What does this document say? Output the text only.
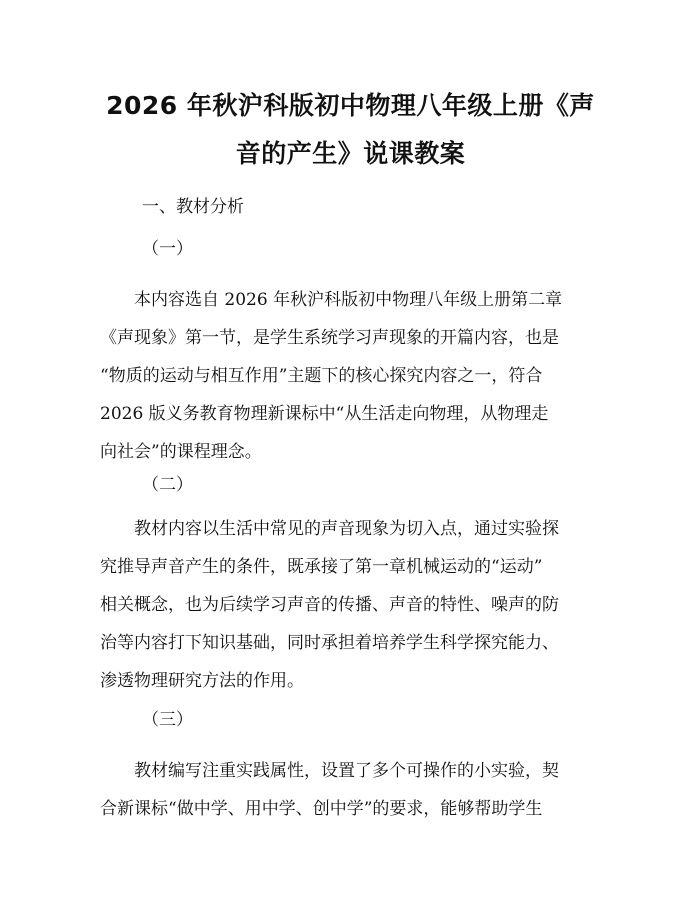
2026 年秋沪科版初中物理八年级上册《声音的产生》说课教案
一、教材分析
（一）
本内容选自 2026 年秋沪科版初中物理八年级上册第二章
《声现象》第一节，是学生系统学习声现象的开篇内容，也是
“物质的运动与相互作用”主题下的核心探究内容之一，符合
2026 版义务教育物理新课标中“从生活走向物理，从物理走
向社会”的课程理念。
（二）
教材内容以生活中常见的声音现象为切入点，通过实验探
究推导声音产生的条件，既承接了第一章机械运动的“运动”
相关概念，也为后续学习声音的传播、声音的特性、噪声的防
治等内容打下知识基础，同时承担着培养学生科学探究能力、
渗透物理研究方法的作用。
（三）
教材编写注重实践属性，设置了多个可操作的小实验，契
合新课标“做中学、用中学、创中学”的要求，能够帮助学生
